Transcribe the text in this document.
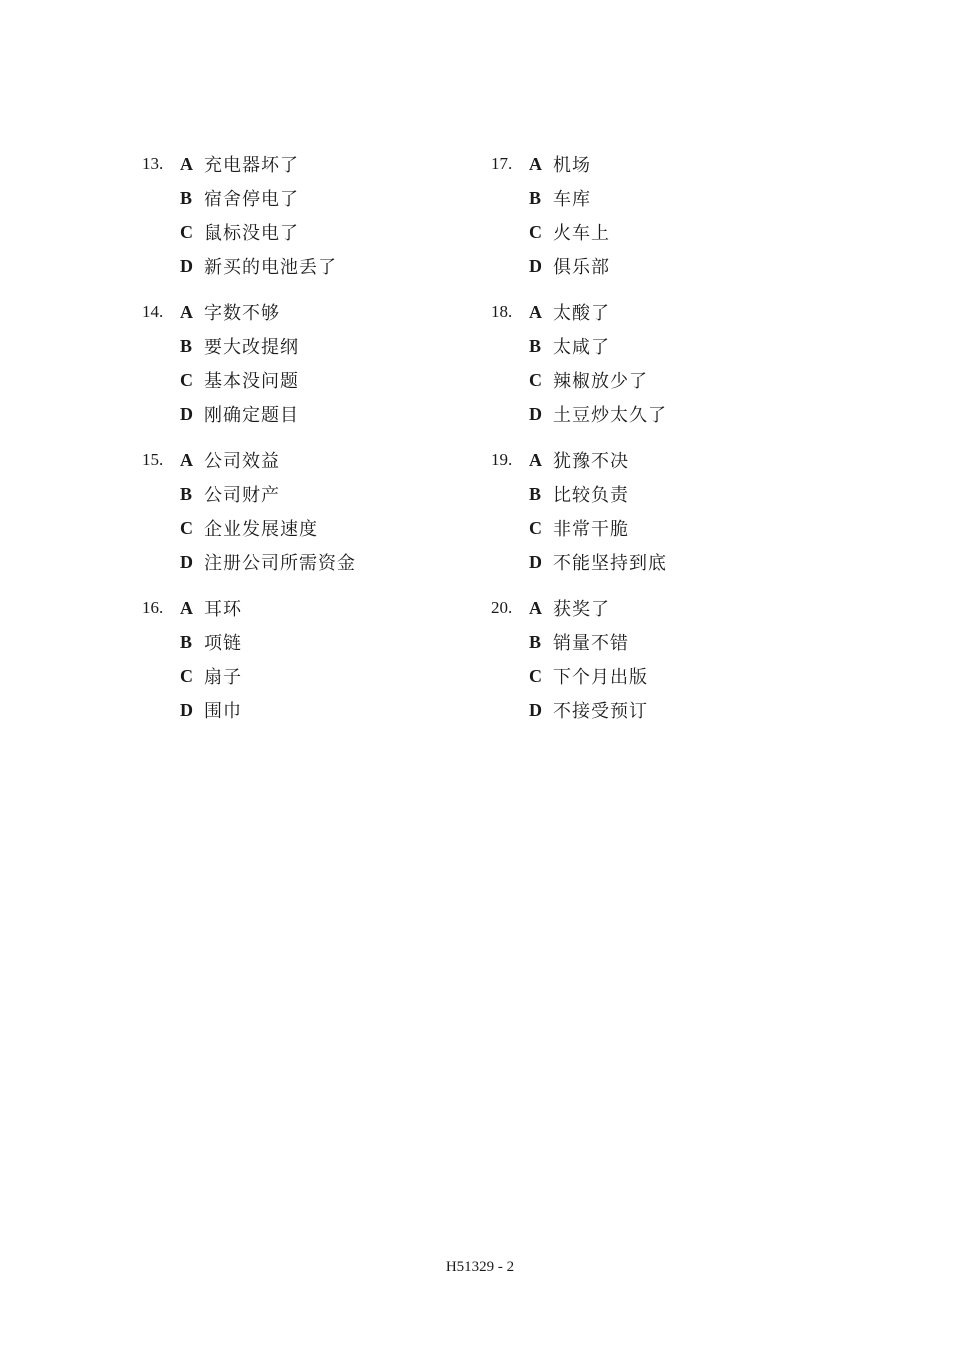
13. A 充电器坏了
B 宿舍停电了
C 鼠标没电了
D 新买的电池丢了
14. A 字数不够
B 要大改提纲
C 基本没问题
D 刚确定题目
15. A 公司效益
B 公司财产
C 企业发展速度
D 注册公司所需资金
16. A 耳环
B 项链
C 扇子
D 围巾
17. A 机场
B 车库
C 火车上
D 俱乐部
18. A 太酸了
B 太咸了
C 辣椒放少了
D 土豆炒太久了
19. A 犹豫不决
B 比较负责
C 非常干脆
D 不能坚持到底
20. A 获奖了
B 销量不错
C 下个月出版
D 不接受预订
H51329 - 2
